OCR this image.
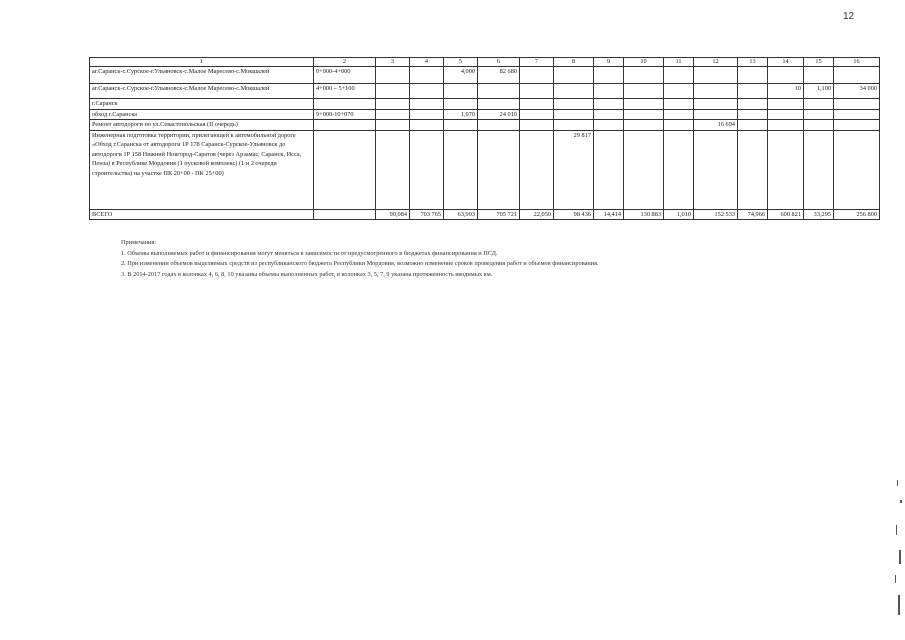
12
1	2	3	4	5	6	7	8	9	10	11	12	13	14	15	16
аг.Саранск-с.Сурское-г.Ульяновск-с.Малое Маресево-с.Мокшалей	0+000-4+000			4,000	82 680										
аг.Саранск-с.Сурское-г.Ульяновск-с.Малое Маресево-с.Мокшалей	4+000 – 5+100												10	1,100	34 000
г.Саранск															
обход г.Саранска	9+000-10+070			1,070	24 010										
Ремонт автодороги по ул.Севастопольская (II очередь)											16 694				
Инженерная подготовка территории, прилегающей к автомобильной дороге «Обход г.Саранска от автодороги 1Р 178 Саранск-Сурское-Ульяновск до автодороги 1Р 158 Нижний Новгород-Саратов (через Арзамас, Саранск, Исса, Пенза) в Республике Мордовия (1 пусковой комплекс) (1 и 2 очереди строительства) на участке ПК 20+00 - ПК 25+00)							29 817								
ВСЕГО		90,084	703 765	63,993	705 721	22,050	98 436	14,414	130 883	1,010	152 533	74,966	600 821	33,295	256 800
Примечания:
1. Объемы выполняемых работ и финансирования могут меняться в зависимости от предусмотренного в бюджетах финансирования и ПСД.
2. При изменении объемов выделяемых средств из республиканского бюджета Республики Мордовия, возможно изменение сроков проведения работ и объемов финансирования.
3. В 2014-2017 годах в колонках 4, 6, 8, 10 указаны объемы выполненных работ, в колонках 3, 5, 7, 9 указана протяженность вводимых км.
